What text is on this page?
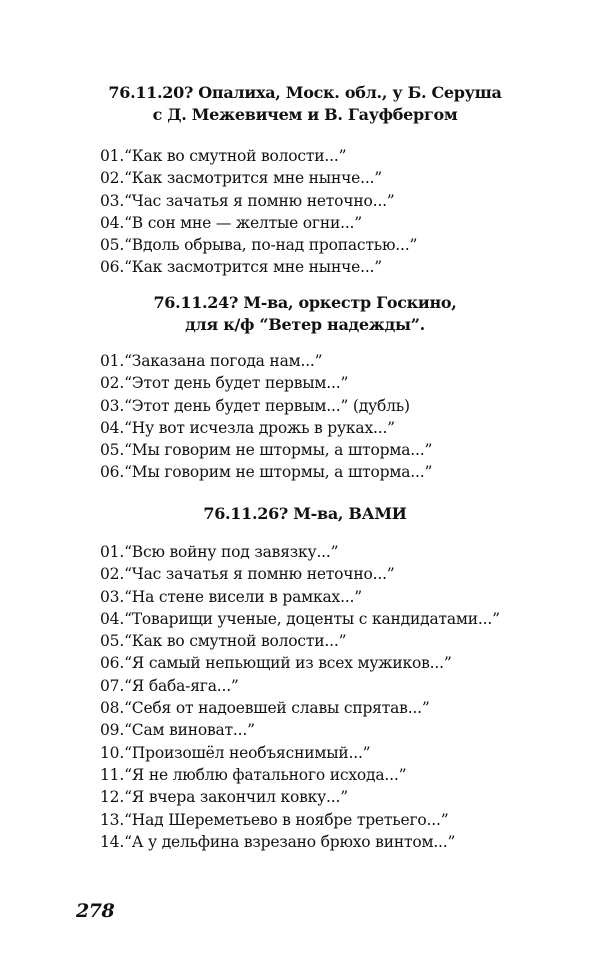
76.11.20? Опалиха, Моск. обл., у Б. Серуша
с Д. Межевичем и В. Гауфбергом
01.“Как во смутной волости...”
02.“Как засмотрится мне нынче...”
03.“Час зачатья я помню неточно...”
04.“В сон мне — желтые огни...”
05.“Вдоль обрыва, по-над пропастью...”
06.“Как засмотрится мне нынче...”
76.11.24? М-ва, оркестр Госкино,
для к/ф “Ветер надежды”.
01.“Заказана погода нам...”
02.“Этот день будет первым...”
03.“Этот день будет первым...” (дубль)
04.“Ну вот исчезла дрожь в руках...”
05.“Мы говорим не штормы, а штормa...”
06.“Мы говорим не штормы, а штормa...”
76.11.26? М-ва, ВАМИ
01.“Всю войну под завязку...”
02.“Час зачатья я помню неточно...”
03.“На стене висели в рамках...”
04.“Товарищи ученые, доценты с кандидатами...”
05.“Как во смутной волости...”
06.“Я самый непьющий из всех мужиков...”
07.“Я баба-яга...”
08.“Себя от надоевшей славы спрятав...”
09.“Сам виноват...”
10.“Произошёл необъяснимый...”
11.“Я не люблю фатального исхода...”
12.“Я вчера закончил ковку...”
13.“Над Шереметьево в ноябре третьего...”
14.“А у дельфина взрезано брюхо винтом...”
278
